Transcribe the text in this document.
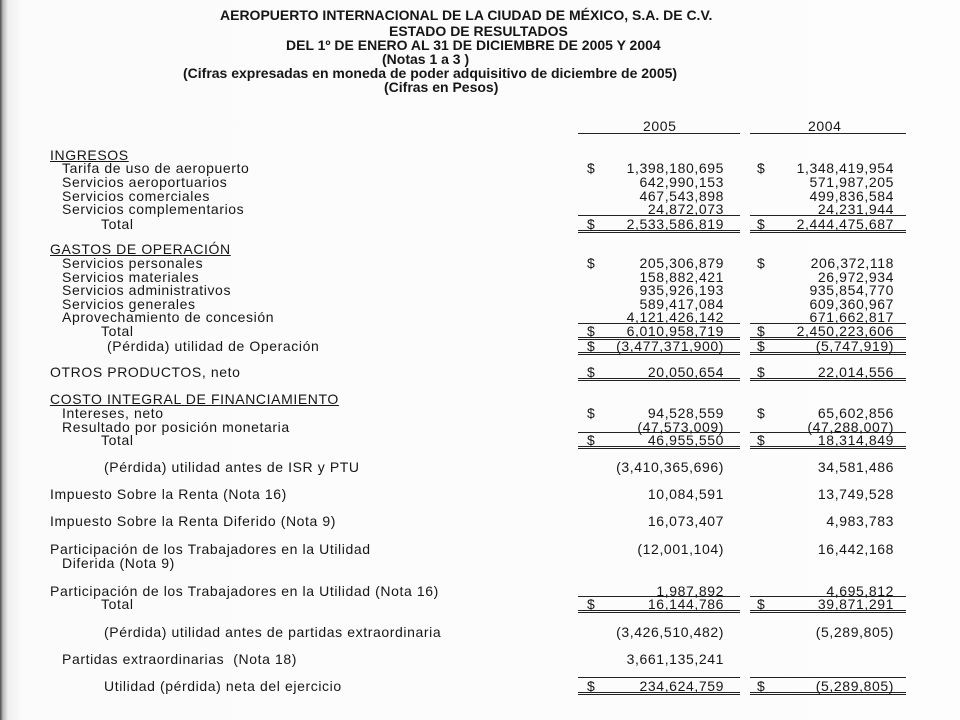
AEROPUERTO INTERNACIONAL DE LA CIUDAD DE MÉXICO, S.A. DE C.V.
ESTADO DE RESULTADOS
DEL 1º DE ENERO AL 31 DE DICIEMBRE DE 2005 Y 2004
(Notas 1 a 3 )
(Cifras expresadas en moneda de poder adquisitivo de diciembre de 2005)
(Cifras en Pesos)
2005	2004
INGRESOS
Tarifa de uso de aeropuerto	$ 1,398,180,695 $ 1,348,419,954
Servicios aeroportuarios	642,990,153	571,987,205
Servicios comerciales	467,543,898	499,836,584
Servicios complementarios	24,872,073	24,231,944
Total	$ 2,533,586,819 $ 2,444,475,687
GASTOS DE OPERACIÓN
Servicios personales	$	205,306,879 $	206,372,118
Servicios materiales	158,882,421	26,972,934
Servicios administrativos	935,926,193	935,854,770
Servicios generales	589,417,084	609,360,967
Aprovechamiento de concesión	4,121,426,142	671,662,817
Total	$ 6,010,958,719 $ 2,450,223,606
(Pérdida) utilidad de Operación	$ (3,477,371,900) $	(5,747,919)
OTROS PRODUCTOS, neto	$	20,050,654 $	22,014,556
COSTO INTEGRAL DE FINANCIAMIENTO
Intereses, neto	$	94,528,559 $	65,602,856
Resultado por posición monetaria	(47,573,009)	(47,288,007)
Total	$	46,955,550 $	18,314,849
(Pérdida) utilidad antes de ISR y PTU	(3,410,365,696)	34,581,486
Impuesto Sobre la Renta (Nota 16)	10,084,591	13,749,528
Impuesto Sobre la Renta Diferido (Nota 9)	16,073,407	4,983,783
Participación de los Trabajadores en la Utilidad	(12,001,104)	16,442,168
Diferida (Nota 9)
Participación de los Trabajadores en la Utilidad (Nota 16)	1,987,892	4,695,812
Total	$	16,144,786 $	39,871,291
(Pérdida) utilidad antes de partidas extraordinaria	(3,426,510,482)	(5,289,805)
Partidas extraordinarias  (Nota 18)	3,661,135,241
Utilidad (pérdida) neta del ejercicio	$	234,624,759 $	(5,289,805)
